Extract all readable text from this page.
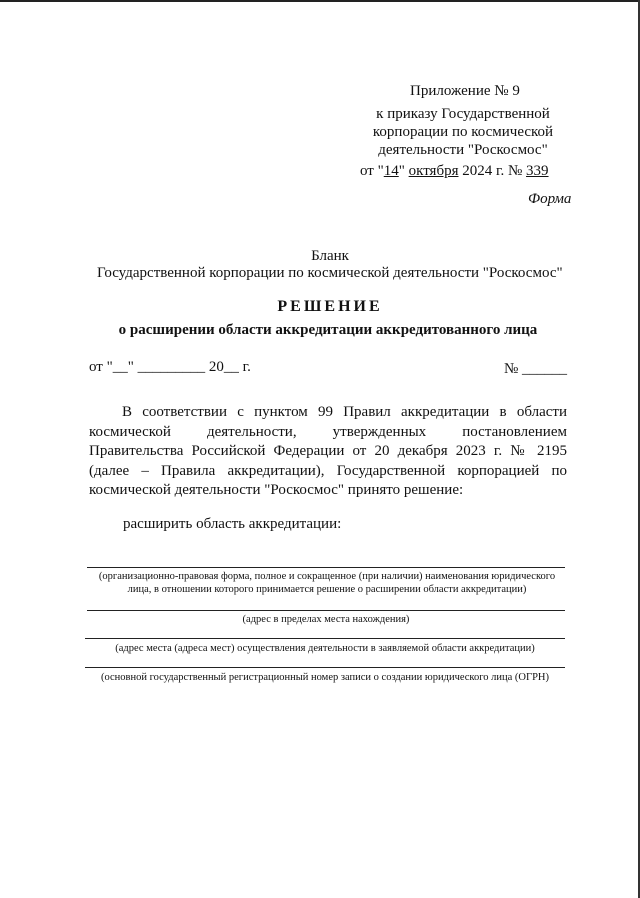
Приложение № 9
к приказу Государственной корпорации по космической деятельности "Роскосмос"
от "14" октября 2024 г. № 339
Форма
Бланк
Государственной корпорации по космической деятельности "Роскосмос"
РЕШЕНИЕ
о расширении области аккредитации аккредитованного лица
от "__" _________ 20__ г.	№ ______
В соответствии с пунктом 99 Правил аккредитации в области космической деятельности, утвержденных постановлением Правительства Российской Федерации от 20 декабря 2023 г. № 2195 (далее – Правила аккредитации), Государственной корпорацией по космической деятельности "Роскосмос" принято решение:
расширить область аккредитации:
(организационно-правовая форма, полное и сокращенное (при наличии) наименования юридического лица, в отношении которого принимается решение о расширении области аккредитации)
(адрес в пределах места нахождения)
(адрес места (адреса мест) осуществления деятельности в заявляемой области аккредитации)
(основной государственный регистрационный номер записи о создании юридического лица (ОГРН)
